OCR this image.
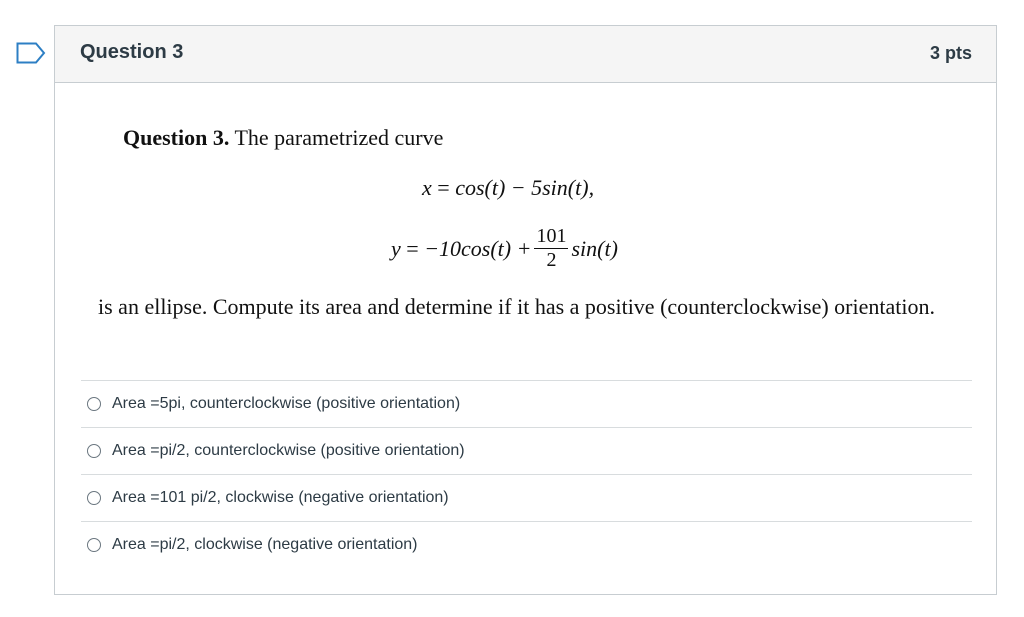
Question 3	3 pts
Question 3. The parametrized curve
x = cos(t) − 5sin(t),
$y = -10\cos(t) + \frac{101}{2} \sin(t)$
is an ellipse. Compute its area and determine if it has a positive (counterclockwise) orientation.
Area =5pi, counterclockwise (positive orientation)
Area =pi/2, counterclockwise (positive orientation)
Area =101 pi/2, clockwise (negative orientation)
Area =pi/2, clockwise (negative orientation)
